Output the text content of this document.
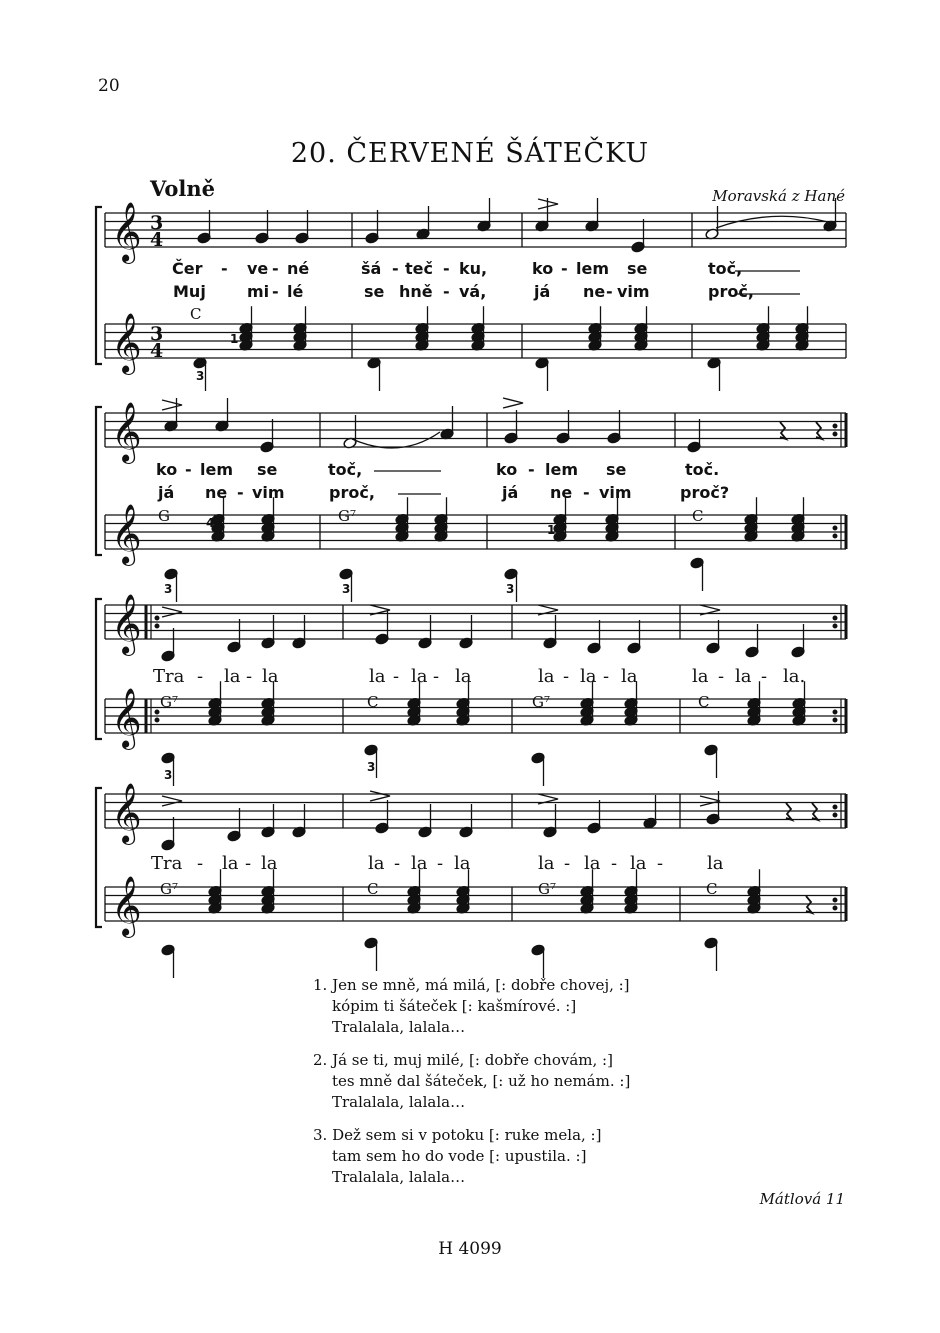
20
20. ČERVENÉ ŠÁTEČKU
Volně	Moravská z Hané
𝄞
𝄞
3
4
3
4
𝄞
𝄞
𝄞
𝄞
𝄞
𝄞
Čer - ve - né	šá - teč - ku,	ko - lem se	toč,
Muj	mi - lé	se hně - vá,	já ne - vim	proč,
C
1
3
ko - lem se	toč,	ko - lem se	toč.
já ne - vim	proč,	já ne - vim	proč?
G	G⁷	C
4	1
3	3	3
Tra - la - la	la - la - la	la - la - la	la - la - la.
G⁷	C	G⁷	C
3
3
Tra - la - la	la - la - la	la - la - la - la
G⁷	C	G⁷	C
1. Jen se mně, má milá, [: dobře chovej, :]
kópim ti šáteček [: kašmírové. :]
Tralalala, lalala…
2. Já se ti, muj milé, [: dobře chovám, :]
tes mně dal šáteček, [: už ho nemám. :]
Tralalala, lalala…
3. Dež sem si v potoku [: ruke mela, :]
tam sem ho do vode [: upustila. :]
Tralalala, lalala…
Mátlová 11
H 4099
